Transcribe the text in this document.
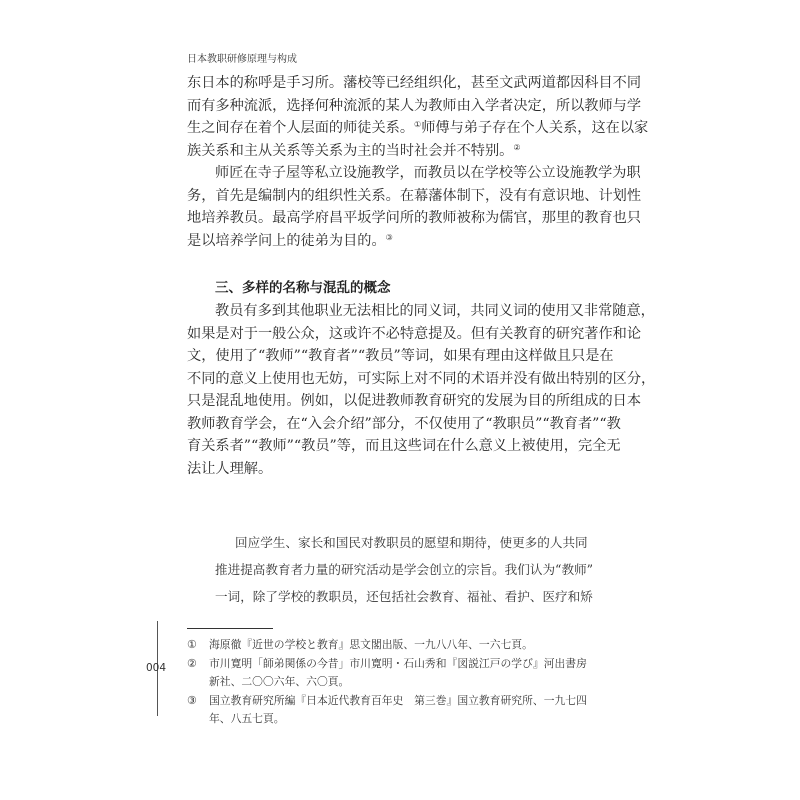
日本教职研修原理与构成
东日本的称呼是手习所。藩校等已经组织化，甚至文武两道都因科目不同
而有多种流派，选择何种流派的某人为教师由入学者决定，所以教师与学
生之间存在着个人层面的师徒关系。①师傅与弟子存在个人关系，这在以家
族关系和主从关系等关系为主的当时社会并不特别。②
师匠在寺子屋等私立设施教学，而教员以在学校等公立设施教学为职
务，首先是编制内的组织性关系。在幕藩体制下，没有有意识地、计划性
地培养教员。最高学府昌平坂学问所的教师被称为儒官，那里的教育也只
是以培养学问上的徒弟为目的。③
三、多样的名称与混乱的概念
教员有多到其他职业无法相比的同义词，共同义词的使用又非常随意，
如果是对于一般公众，这或许不必特意提及。但有关教育的研究著作和论
文，使用了“教师”“教育者”“教员”等词，如果有理由这样做且只是在
不同的意义上使用也无妨，可实际上对不同的术语并没有做出特别的区分，
只是混乱地使用。例如，以促进教师教育研究的发展为目的所组成的日本
教师教育学会，在“入会介绍”部分，不仅使用了“教职员”“教育者”“教
育关系者”“教师”“教员”等，而且这些词在什么意义上被使用，完全无
法让人理解。
回应学生、家长和国民对教职员的愿望和期待，使更多的人共同
推进提高教育者力量的研究活动是学会创立的宗旨。我们认为“教师”
一词，除了学校的教职员，还包括社会教育、福祉、看护、医疗和矫
004
① 海原徹『近世の学校と教育』思文閣出版、一九八八年、一六七頁。
② 市川寛明「師弟関係の今昔」市川寛明・石山秀和『図説江戸の学び』河出書房
新社、二〇〇六年、六〇頁。
③ 国立教育研究所編『日本近代教育百年史　第三巻』国立教育研究所、一九七四
年、八五七頁。
